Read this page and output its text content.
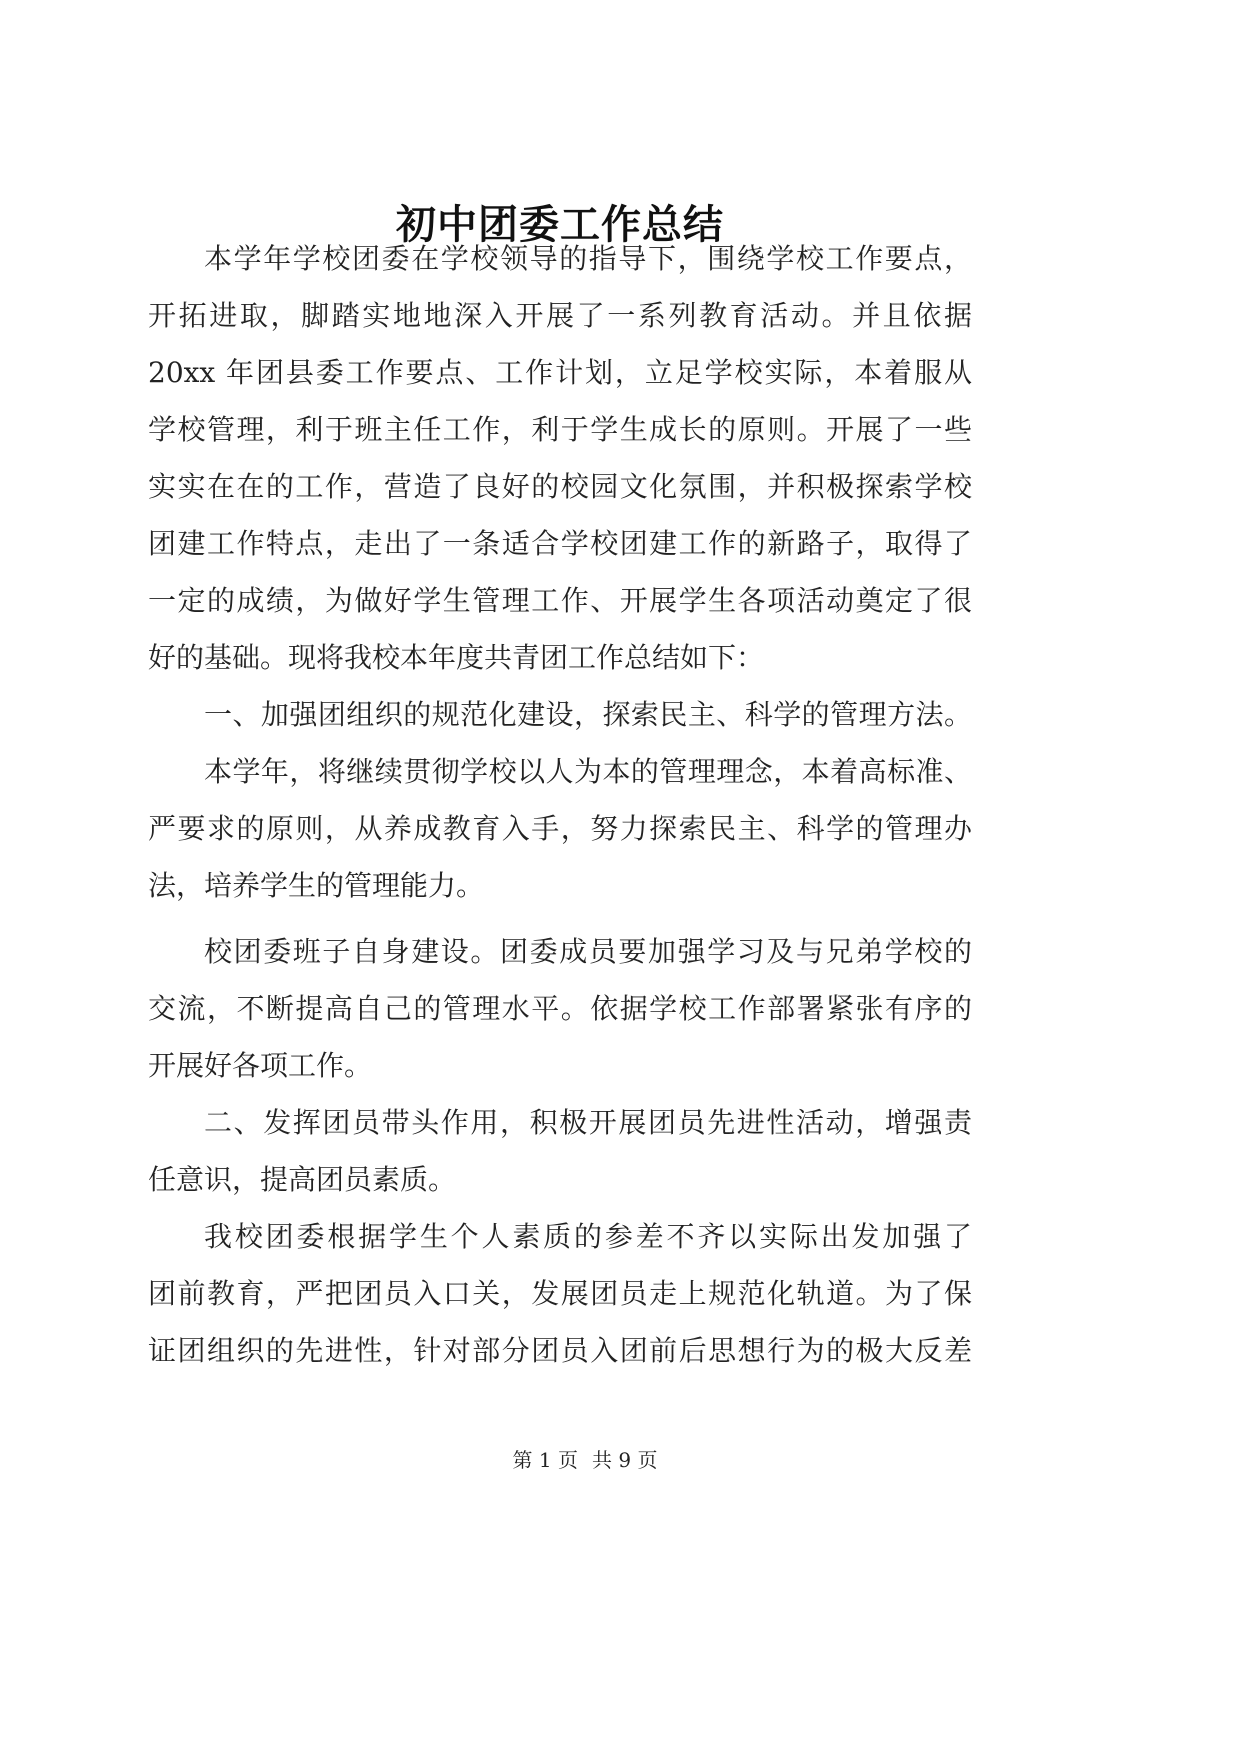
初中团委工作总结
本学年学校团委在学校领导的指导下，围绕学校工作要点，
开拓进取，脚踏实地地深入开展了一系列教育活动。并且依据
20xx 年团县委工作要点、工作计划，立足学校实际，本着服从
学校管理，利于班主任工作，利于学生成长的原则。开展了一些
实实在在的工作，营造了良好的校园文化氛围，并积极探索学校
团建工作特点，走出了一条适合学校团建工作的新路子，取得了
一定的成绩，为做好学生管理工作、开展学生各项活动奠定了很
好的基础。现将我校本年度共青团工作总结如下：
一、加强团组织的规范化建设，探索民主、科学的管理方法。
本学年，将继续贯彻学校以人为本的管理理念，本着高标准、
严要求的原则，从养成教育入手，努力探索民主、科学的管理办
法，培养学生的管理能力。
校团委班子自身建设。团委成员要加强学习及与兄弟学校的
交流，不断提高自己的管理水平。依据学校工作部署紧张有序的
开展好各项工作。
二、发挥团员带头作用，积极开展团员先进性活动，增强责
任意识，提高团员素质。
我校团委根据学生个人素质的参差不齐以实际出发加强了
团前教育，严把团员入口关，发展团员走上规范化轨道。为了保
证团组织的先进性，针对部分团员入团前后思想行为的极大反差
第 1 页 共 9 页
